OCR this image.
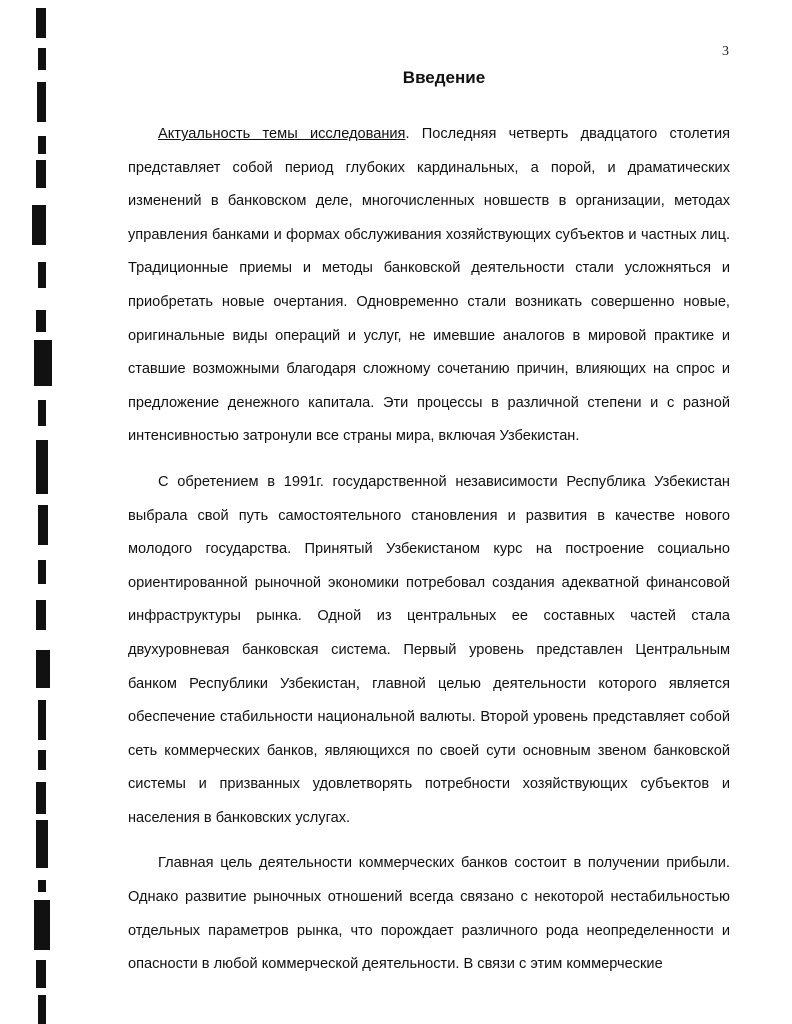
3
Введение

Актуальность темы исследования. Последняя четверть двадцатого столетия представляет собой период глубоких кардинальных, а порой, и драматических изменений в банковском деле, многочисленных новшеств в организации, методах управления банками и формах обслуживания хозяйствующих субъектов и частных лиц. Традиционные приемы и методы банковской деятельности стали усложняться и приобретать новые очертания. Одновременно стали возникать совершенно новые, оригинальные виды операций и услуг, не имевшие аналогов в мировой практике и ставшие возможными благодаря сложному сочетанию причин, влияющих на спрос и предложение денежного капитала. Эти процессы в различной степени и с разной интенсивностью затронули все страны мира, включая Узбекистан.

С обретением в 1991г. государственной независимости Республика Узбекистан выбрала свой путь самостоятельного становления и развития в качестве нового молодого государства. Принятый Узбекистаном курс на построение социально ориентированной рыночной экономики потребовал создания адекватной финансовой инфраструктуры рынка. Одной из центральных ее составных частей стала двухуровневая банковская система. Первый уровень представлен Центральным банком Республики Узбекистан, главной целью деятельности которого является обеспечение стабильности национальной валюты. Второй уровень представляет собой сеть коммерческих банков, являющихся по своей сути основным звеном банковской системы и призванных удовлетворять потребности хозяйствующих субъектов и населения в банковских услугах.

Главная цель деятельности коммерческих банков состоит в получении прибыли. Однако развитие рыночных отношений всегда связано с некоторой нестабильностью отдельных параметров рынка, что порождает различного рода неопределенности и опасности в любой коммерческой деятельности. В связи с этим коммерческие
